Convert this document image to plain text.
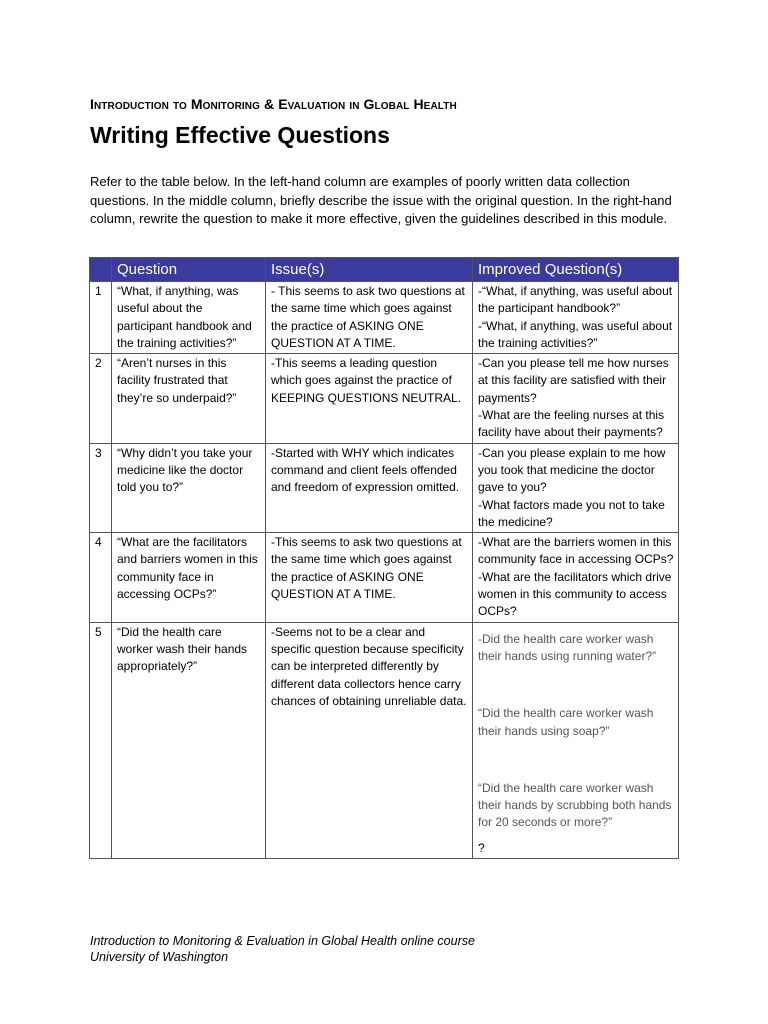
Introduction to Monitoring & Evaluation in Global Health
Writing Effective Questions
Refer to the table below. In the left-hand column are examples of poorly written data collection questions. In the middle column, briefly describe the issue with the original question. In the right-hand column, rewrite the question to make it more effective, given the guidelines described in this module.
	Question	Issue(s)	Improved Question(s)
1	“What, if anything, was useful about the participant handbook and the training activities?”	- This seems to ask two questions at the same time which goes against the practice of ASKING ONE QUESTION AT A TIME.	-“What, if anything, was useful about the participant handbook?”
-“What, if anything, was useful about the training activities?”

2	“Aren’t nurses in this facility frustrated that they’re so underpaid?”	-This seems a leading question which goes against the practice of KEEPING QUESTIONS NEUTRAL.	-Can you please tell me how nurses at this facility are satisfied with their payments?
-What are the feeling nurses at this facility have about their payments?

3	“Why didn’t you take your medicine like the doctor told you to?”	-Started with WHY which indicates command and client feels offended and freedom of expression omitted.	-Can you please explain to me how you took that medicine the doctor gave to you?
-What factors made you not to take the medicine?

4	“What are the facilitators and barriers women in this community face in accessing OCPs?”	-This seems to ask two questions at the same time which goes against the practice of ASKING ONE QUESTION AT A TIME.	-What are the barriers women in this community face in accessing OCPs?
-What are the facilitators which drive women in this community to access OCPs?

5	“Did the health care worker wash their hands appropriately?”	-Seems not to be a clear and specific question because specificity can be interpreted differently by different data collectors hence carry chances of obtaining unreliable data.	-Did the health care worker wash their hands using running water?”
“Did the health care worker wash their hands using soap?”
“Did the health care worker wash their hands by scrubbing both hands for 20 seconds or more?”
?
Introduction to Monitoring & Evaluation in Global Health online course
University of Washington
